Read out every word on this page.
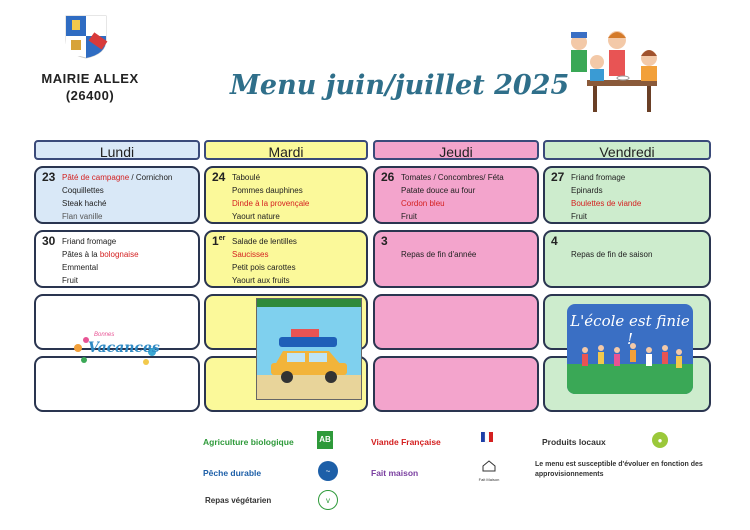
MAIRIE ALLEX
(26400)	Menu juin/juillet 2025
Lundi	Mardi	Jeudi	Vendredi
23 Pâté de campagne / Cornichon
Coquillettes
Steak haché
Flan vanille
24 Taboulé
Pommes dauphines
Dinde à la provençale
Yaourt nature
26 Tomates / Concombres/ Féta
Patate douce au four
Cordon bleu
Fruit
27 Friand fromage
Epinards
Boulettes de viande
Fruit
30 Friand fromage
Pâtes à la bolognaise
Emmental
Fruit
1er Salade de lentilles
Saucisses
Petit pois carottes
Yaourt aux fruits
3
Repas de fin d'année
4
Repas de fin de saison
Bonnes
Vacances
L'école est finie !
Agriculture biologique	AB	Viande Française	Produits locaux	●
Pêche durable	~	Fait maison
Fait Maison
Le menu est susceptible d'évoluer en fonction des approvisionnements
Repas végétarien	v
